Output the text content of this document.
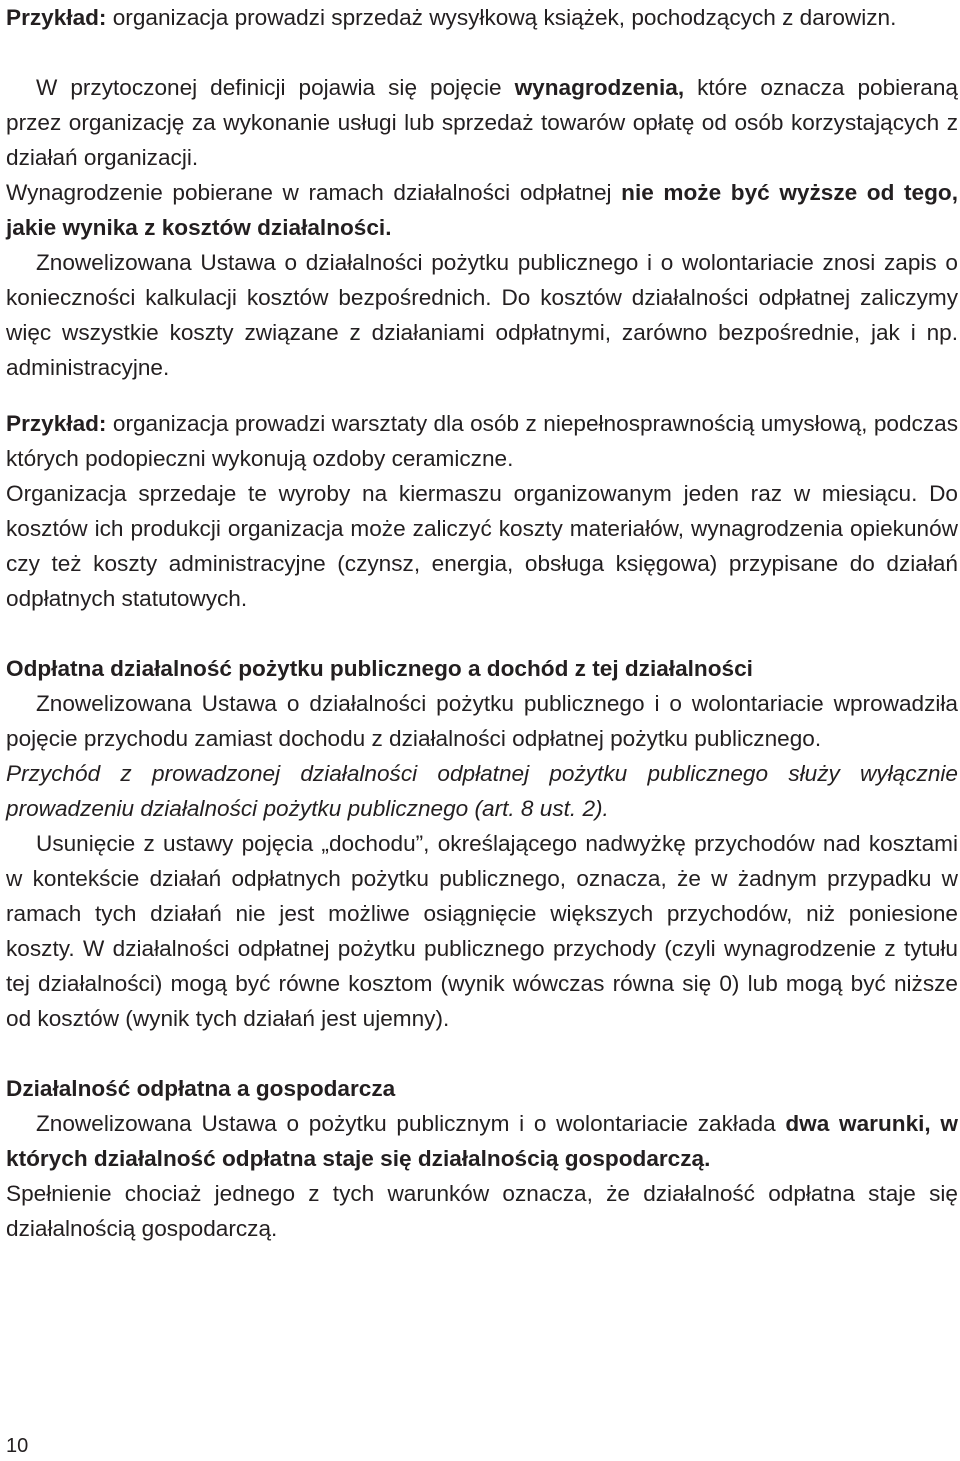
Przykład: organizacja prowadzi sprzedaż wysyłkową książek, pochodzących z darowizn.

W przytoczonej definicji pojawia się pojęcie wynagrodzenia, które oznacza pobieraną przez organizację za wykonanie usługi lub sprzedaż towarów opłatę od osób korzystających z działań organizacji.

Wynagrodzenie pobierane w ramach działalności odpłatnej nie może być wyższe od tego, jakie wynika z kosztów działalności.

Znowelizowana Ustawa o działalności pożytku publicznego i o wolontariacie znosi zapis o konieczności kalkulacji kosztów bezpośrednich. Do kosztów działalności odpłatnej zaliczymy więc wszystkie koszty związane z działaniami odpłatnymi, zarówno bezpośrednie, jak i np. administracyjne.

Przykład: organizacja prowadzi warsztaty dla osób z niepełnosprawnością umysłową, podczas których podopieczni wykonują ozdoby ceramiczne.

Organizacja sprzedaje te wyroby na kiermaszu organizowanym jeden raz w miesiącu. Do kosztów ich produkcji organizacja może zaliczyć koszty materiałów, wynagrodzenia opiekunów czy też koszty administracyjne (czynsz, energia, obsługa księgowa) przypisane do działań odpłatnych statutowych.

Odpłatna działalność pożytku publicznego a dochód z tej działalności

Znowelizowana Ustawa o działalności pożytku publicznego i o wolontariacie wprowadziła pojęcie przychodu zamiast dochodu z działalności odpłatnej pożytku publicznego.

Przychód z prowadzonej działalności odpłatnej pożytku publicznego służy wyłącznie prowadzeniu działalności pożytku publicznego (art. 8 ust. 2).

Usunięcie z ustawy pojęcia „dochodu”, określającego nadwyżkę przychodów nad kosztami w kontekście działań odpłatnych pożytku publicznego, oznacza, że w żadnym przypadku w ramach tych działań nie jest możliwe osiągnięcie większych przychodów, niż poniesione koszty. W działalności odpłatnej pożytku publicznego przychody (czyli wynagrodzenie z tytułu tej działalności) mogą być równe kosztom (wynik wówczas równa się 0) lub mogą być niższe od kosztów (wynik tych działań jest ujemny).

Działalność odpłatna a gospodarcza

Znowelizowana Ustawa o pożytku publicznym i o wolontariacie zakłada dwa warunki, w których działalność odpłatna staje się działalnością gospodarczą.

Spełnienie chociaż jednego z tych warunków oznacza, że działalność odpłatna staje się działalnością gospodarczą.

10
